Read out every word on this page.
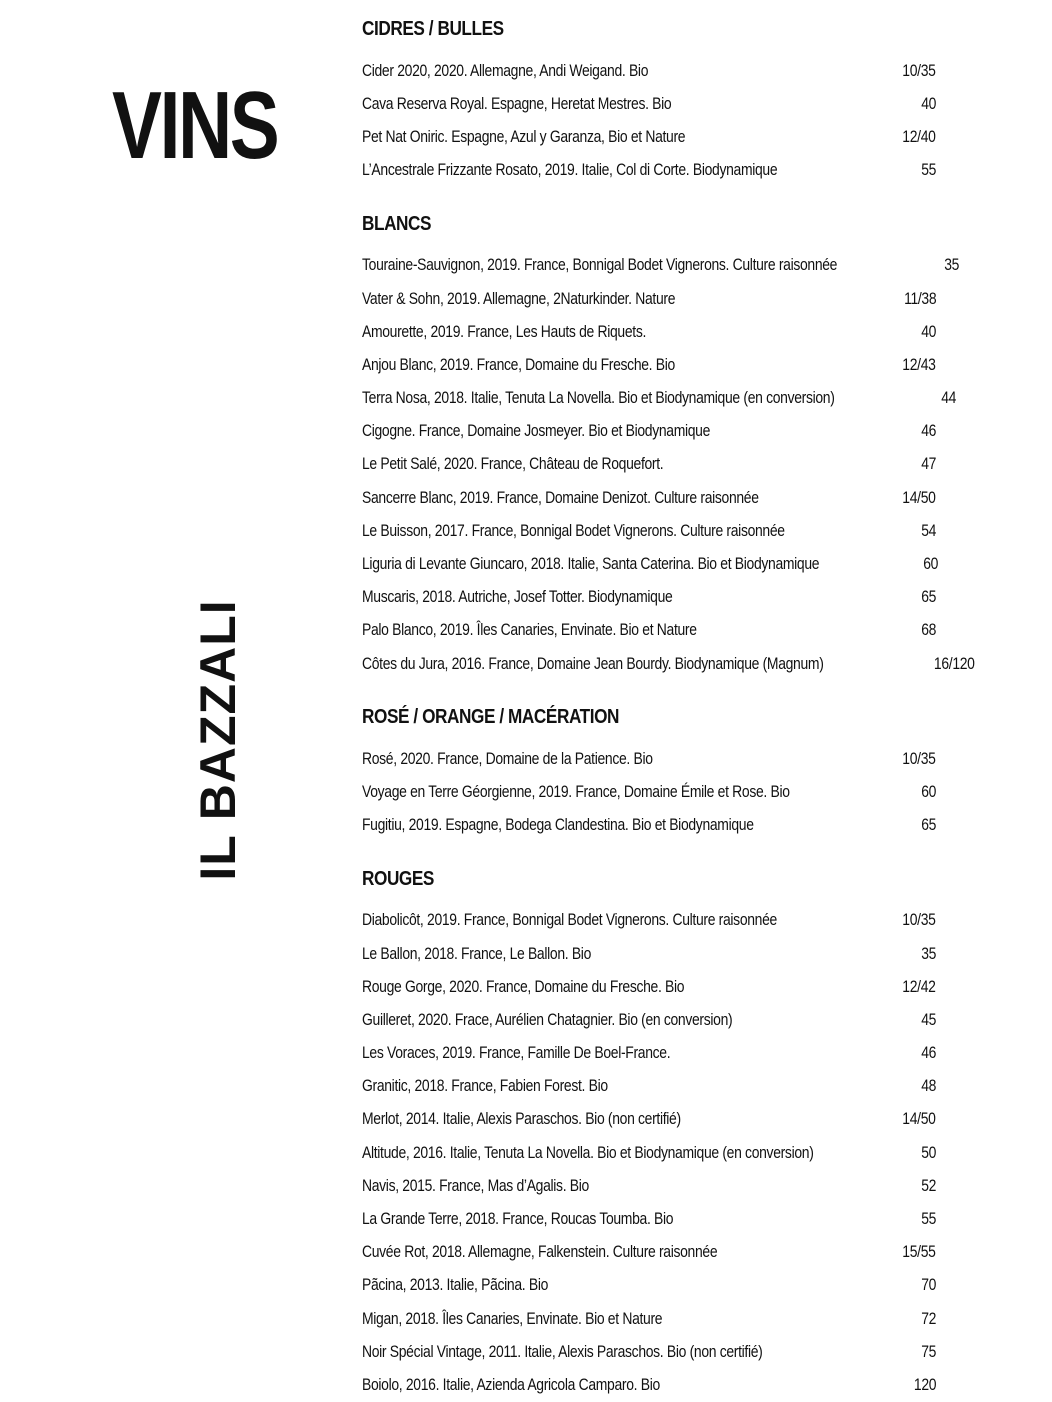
VINS
IL BAZZALI
CIDRES / BULLES
Cider 2020, 2020. Allemagne, Andi Weigand. Bio	10/35
Cava Reserva Royal. Espagne, Heretat Mestres. Bio	40
Pet Nat Oniric. Espagne, Azul y Garanza, Bio et Nature	12/40
L’Ancestrale Frizzante Rosato, 2019. Italie, Col di Corte. Biodynamique	55
BLANCS
Touraine-Sauvignon, 2019. France, Bonnigal Bodet Vignerons. Culture raisonnée	35
Vater & Sohn, 2019. Allemagne, 2Naturkinder. Nature	11/38
Amourette, 2019. France, Les Hauts de Riquets.	40
Anjou Blanc, 2019. France, Domaine du Fresche. Bio	12/43
Terra Nosa, 2018. Italie, Tenuta La Novella. Bio et Biodynamique (en conversion)	44
Cigogne. France, Domaine Josmeyer. Bio et Biodynamique	46
Le Petit Salé, 2020. France, Château de Roquefort.	47
Sancerre Blanc, 2019. France, Domaine Denizot. Culture raisonnée	14/50
Le Buisson, 2017. France, Bonnigal Bodet Vignerons. Culture raisonnée	54
Liguria di Levante Giuncaro, 2018. Italie, Santa Caterina. Bio et Biodynamique	60
Muscaris, 2018. Autriche, Josef Totter. Biodynamique	65
Palo Blanco, 2019. Îles Canaries, Envinate. Bio et Nature	68
Côtes du Jura, 2016. France, Domaine Jean Bourdy. Biodynamique (Magnum)	16/120
ROSÉ / ORANGE / MACÉRATION
Rosé, 2020. France, Domaine de la Patience. Bio	10/35
Voyage en Terre Géorgienne, 2019. France, Domaine Émile et Rose. Bio	60
Fugitiu, 2019. Espagne, Bodega Clandestina. Bio et Biodynamique	65
ROUGES
Diabolicôt, 2019. France, Bonnigal Bodet Vignerons. Culture raisonnée	10/35
Le Ballon, 2018. France, Le Ballon. Bio	35
Rouge Gorge, 2020. France, Domaine du Fresche. Bio	12/42
Guilleret, 2020. Frace, Aurélien Chatagnier. Bio (en conversion)	45
Les Voraces, 2019. France, Famille De Boel-France.	46
Granitic, 2018. France, Fabien Forest. Bio	48
Merlot, 2014. Italie, Alexis Paraschos. Bio (non certifié)	14/50
Altitude, 2016. Italie, Tenuta La Novella. Bio et Biodynamique (en conversion)	50
Navis, 2015. France, Mas d’Agalis. Bio	52
La Grande Terre, 2018. France, Roucas Toumba. Bio	55
Cuvée Rot, 2018. Allemagne, Falkenstein. Culture raisonnée	15/55
Pãcina, 2013. Italie, Pãcina. Bio	70
Migan, 2018. Îles Canaries, Envinate. Bio et Nature	72
Noir Spécial Vintage, 2011. Italie, Alexis Paraschos. Bio (non certifié)	75
Boiolo, 2016. Italie, Azienda Agricola Camparo. Bio	120
